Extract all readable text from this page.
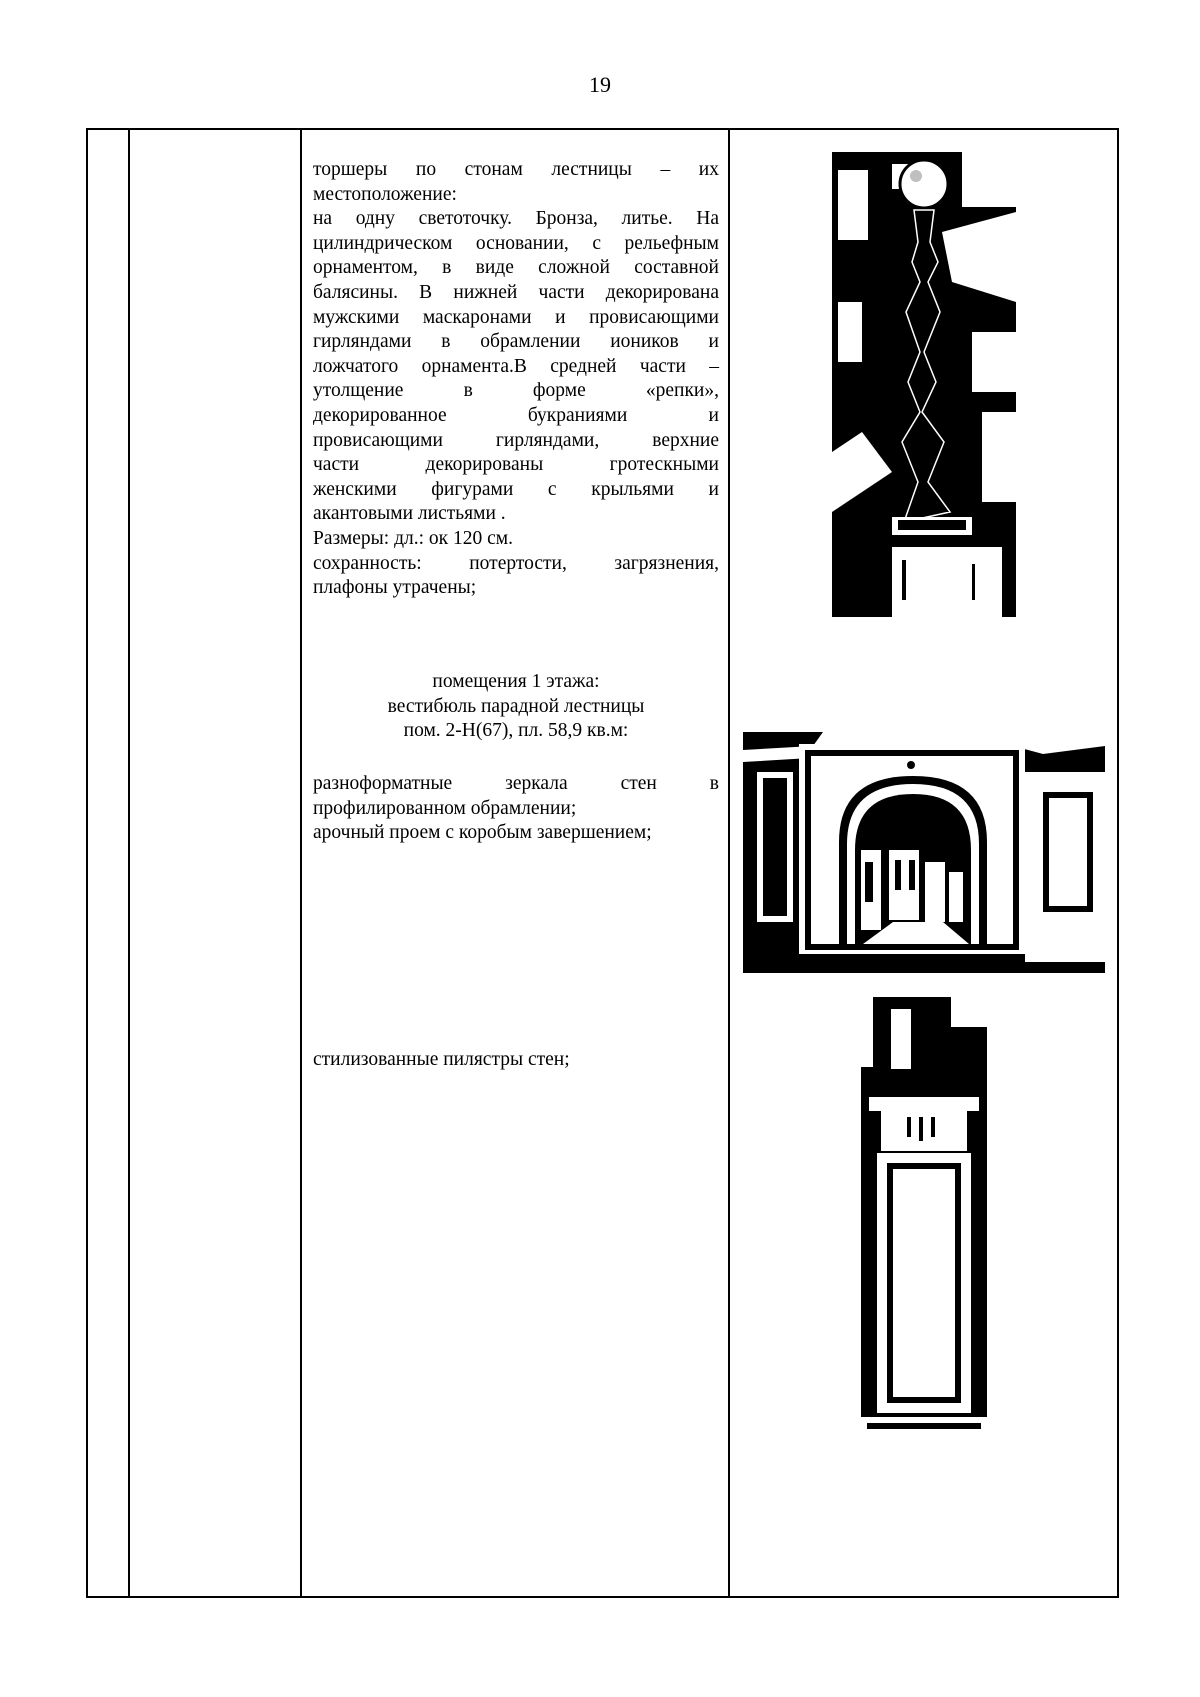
19
торшеры по стонам лестницы – их
местоположение:
на одну светоточку. Бронза, литье. На
цилиндрическом основании, с рельефным
орнаментом, в виде сложной составной
балясины. В нижней части декорирована
мужскими маскаронами и провисающими
гирляндами в обрамлении иоников и
ложчатого орнамента.В средней части –
утолщение в форме «репки»,
декорированное букраниями и
провисающими гирляндами, верхние
части декорированы гротескными
женскими фигурами с крыльями и
акантовыми листьями .
Размеры: дл.: ок 120 см.
сохранность: потертости, загрязнения,
плафоны утрачены;
помещения 1 этажа:
вестибюль парадной лестницы
пом. 2-Н(67), пл. 58,9 кв.м:
разноформатные зеркала стен в
профилированном обрамлении;
арочный проем с коробым завершением;
стилизованные пилястры стен;
